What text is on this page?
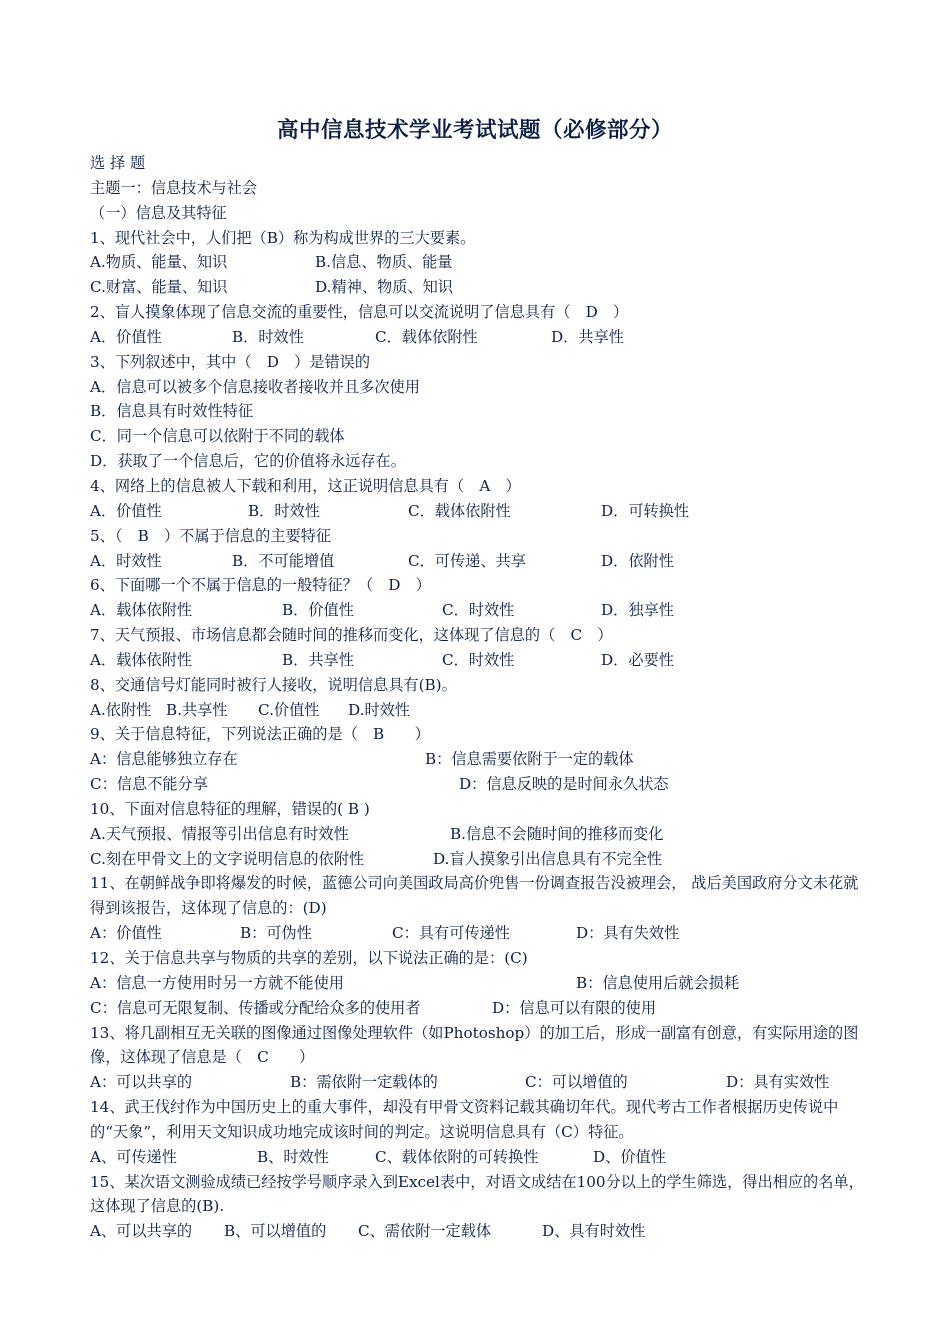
高中信息技术学业考试试题（必修部分）
选 择 题
主题一：信息技术与社会
（一）信息及其特征
1、现代社会中，人们把（B）称为构成世界的三大要素。
A.物质、能量、知识	B.信息、物质、能量
C.财富、能量、知识	D.精神、物质、知识
2、盲人摸象体现了信息交流的重要性，信息可以交流说明了信息具有（　D　）
A．价值性	B．时效性	C．载体依附性	D．共享性
3、下列叙述中，其中（　D　）是错误的
A．信息可以被多个信息接收者接收并且多次使用
B．信息具有时效性特征
C．同一个信息可以依附于不同的载体
D．获取了一个信息后，它的价值将永远存在。
4、网络上的信息被人下载和利用，这正说明信息具有（　A　）
A．价值性	B．时效性	C．载体依附性	D．可转换性
5、（　B　）不属于信息的主要特征
A．时效性	B．不可能增值	C．可传递、共享	D．依附性
6、下面哪一个不属于信息的一般特征？（　D　）
A．载体依附性	B．价值性	C．时效性	D．独享性
7、天气预报、市场信息都会随时间的推移而变化，这体现了信息的（　C　）
A．载体依附性	B．共享性	C．时效性	D．必要性
8、交通信号灯能同时被行人接收，说明信息具有(B)。
A.依附性 B.共享性 C.价值性 D.时效性
9、关于信息特征，下列说法正确的是（　B　　）
A：信息能够独立存在	B：信息需要依附于一定的载体
C：信息不能分享	D：信息反映的是时间永久状态
10、下面对信息特征的理解，错误的( B )
A.天气预报、情报等引出信息有时效性	B.信息不会随时间的推移而变化
C.刻在甲骨文上的文字说明信息的依附性	D.盲人摸象引出信息具有不完全性
11、在朝鲜战争即将爆发的时候，蓝德公司向美国政局高价兜售一份调查报告没被理会， 战后美国政府分文未花就得到该报告，这体现了信息的：(D)
A：价值性	B：可伪性	C：具有可传递性	D：具有失效性
12、关于信息共享与物质的共享的差别，以下说法正确的是：(C)
A：信息一方使用时另一方就不能使用	B：信息使用后就会损耗
C：信息可无限复制、传播或分配给众多的使用者	D：信息可以有限的使用
13、将几副相互无关联的图像通过图像处理软件（如Photoshop）的加工后，形成一副富有创意，有实际用途的图像，这体现了信息是（　C　　）
A：可以共享的	B：需依附一定载体的	C：可以增值的	D：具有实效性
14、武王伐纣作为中国历史上的重大事件，却没有甲骨文资料记载其确切年代。现代考古工作者根据历史传说中的“天象”，利用天文知识成功地完成该时间的判定。这说明信息具有（C）特征。
A、可传递性	B、时效性	C、载体依附的可转换性	D、价值性
15、某次语文测验成绩已经按学号顺序录入到Excel表中，对语文成结在100分以上的学生筛选，得出相应的名单，这体现了信息的(B).
A、可以共享的 B、可以增值的 C、需依附一定载体	D、具有时效性
